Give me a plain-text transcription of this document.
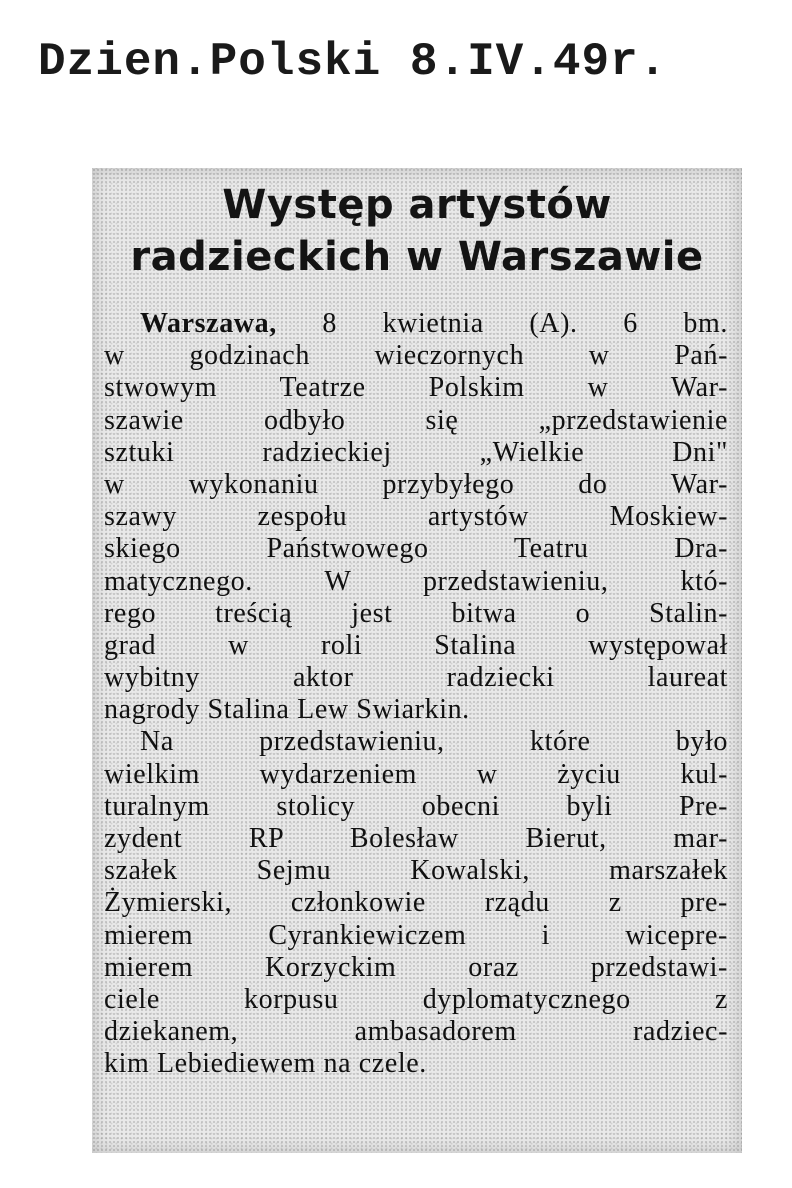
Dzien.Polski 8.IV.49r.
Występ artystów
radzieckich w Warszawie
Warszawa, 8 kwietnia (A). 6 bm.
w godzinach wieczornych w Pań-
stwowym Teatrze Polskim w War-
szawie odbyło się „przedstawienie
sztuki radzieckiej „Wielkie Dni"
w wykonaniu przybyłego do War-
szawy zespołu artystów Moskiew-
skiego Państwowego Teatru Dra-
matycznego. W przedstawieniu, któ-
rego treścią jest bitwa o Stalin-
grad w roli Stalina występował
wybitny aktor radziecki laureat
nagrody Stalina Lew Swiarkin.
Na przedstawieniu, które było
wielkim wydarzeniem w życiu kul-
turalnym stolicy obecni byli Pre-
zydent RP Bolesław Bierut, mar-
szałek Sejmu Kowalski, marszałek
Żymierski, członkowie rządu z pre-
mierem Cyrankiewiczem i wicepre-
mierem Korzyckim oraz przedstawi-
ciele korpusu dyplomatycznego z
dziekanem, ambasadorem radziec-
kim Lebiediewem na czele.
